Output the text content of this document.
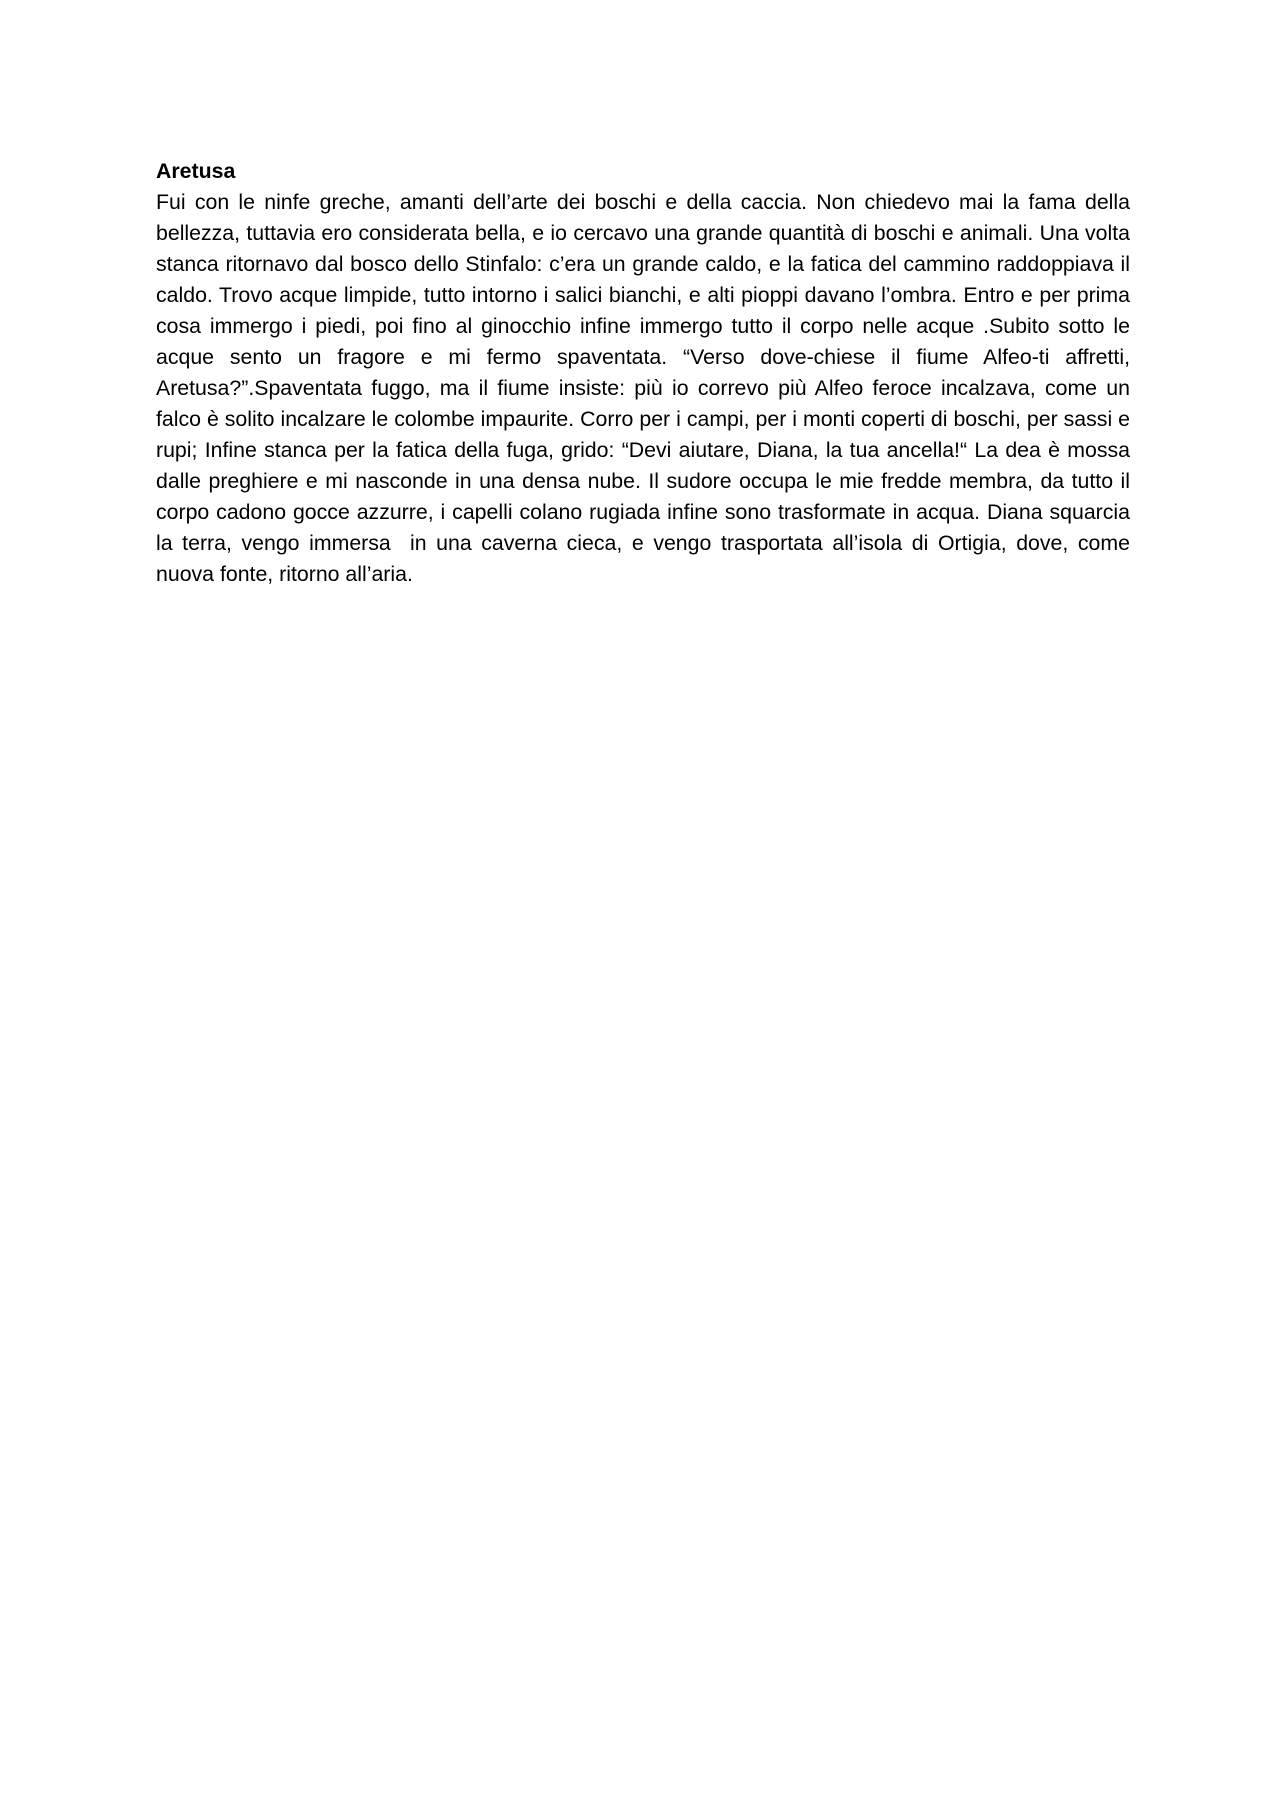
Aretusa

Fui con le ninfe greche, amanti dell’arte dei boschi e della caccia. Non chiedevo mai la fama della bellezza, tuttavia ero considerata bella, e io cercavo una grande quantità di boschi e animali. Una volta stanca ritornavo dal bosco dello Stinfalo: c’era un grande caldo, e la fatica del cammino raddoppiava il caldo. Trovo acque limpide, tutto intorno i salici bianchi, e alti pioppi davano l’ombra. Entro e per prima cosa immergo i piedi, poi fino al ginocchio infine immergo tutto il corpo nelle acque .Subito sotto le acque sento un fragore e mi fermo spaventata. “Verso dove-chiese il fiume Alfeo-ti affretti, Aretusa?”.Spaventata fuggo, ma il fiume insiste: più io correvo più Alfeo feroce incalzava, come un falco è solito incalzare le colombe impaurite. Corro per i campi, per i monti coperti di boschi, per sassi e rupi; Infine stanca per la fatica della fuga, grido: “Devi aiutare, Diana, la tua ancella!“ La dea è mossa dalle preghiere e mi nasconde in una densa nube. Il sudore occupa le mie fredde membra, da tutto il corpo cadono gocce azzurre, i capelli colano rugiada infine sono trasformate in acqua. Diana squarcia la terra, vengo immersa  in una caverna cieca, e vengo trasportata all’isola di Ortigia, dove, come nuova fonte, ritorno all’aria.
